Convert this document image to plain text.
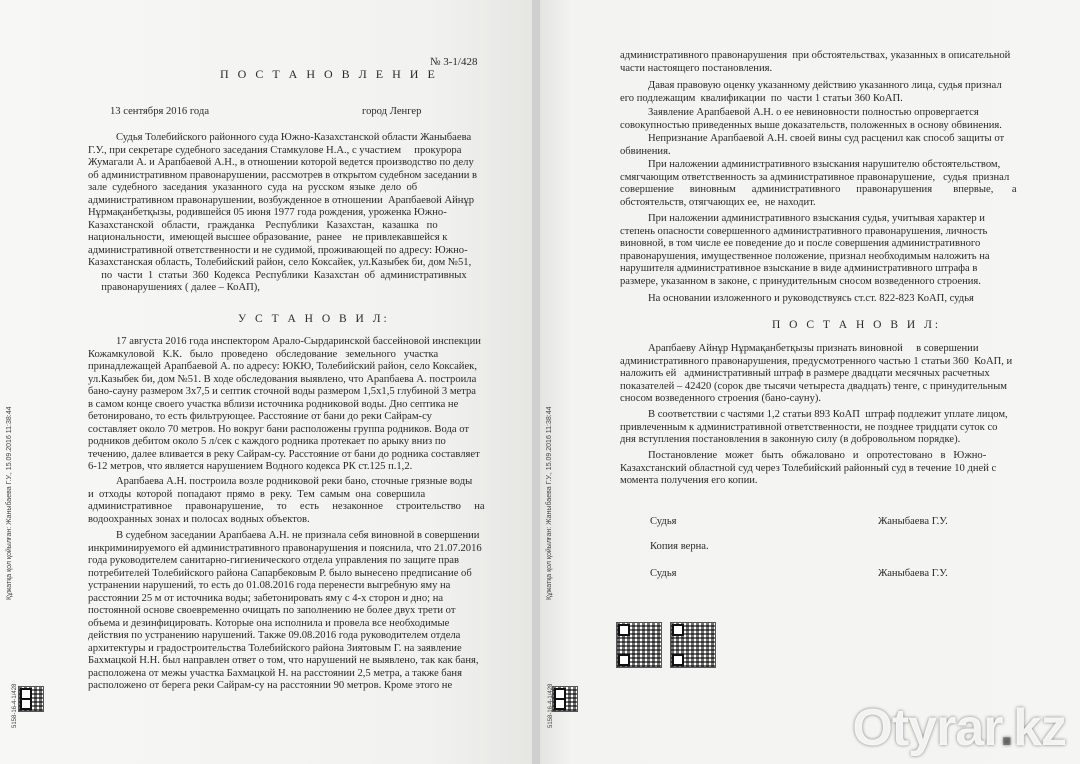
№ 3-1/428
П О С Т А Н О В Л Е Н И Е
13 сентября 2016 года	город Ленгер
Судья Толебийского районного суда Южно-Казахстанской области Жаныбаева
Г.У., при секретаре судебного заседания Стамкулове Н.А., с участием     прокурора
Жумагали А. и Арапбаевой А.Н., в отношении которой ведется производство по делу
об административном правонарушении, рассмотрев в открытом судебном заседании в
зале  судебного  заседания  указанного  суда  на  русском  языке  дело  об
административном правонарушении, возбужденное в отношении  Арапбаевой Айнұр
Нұрмақанбетқызы, родившейся 05 июня 1977 года рождения, уроженка Южно-
Казахстанской   области,   гражданка    Республики   Казахстан,   казашка   по
национальности,  имеющей высшее образование,  ранее    не привлекавшейся к
административной ответственности и не судимой, проживающей по адресу: Южно-
Казахстанская область, Толебийский район, село Коксайек, ул.Казыбек би, дом №51,
по  части  1  статьи  360  Кодекса  Республики  Казахстан  об  административных
правонарушениях ( далее – КоАП),
У С Т А Н О В И Л:
17 августа 2016 года инспектором Арало-Сырдаринской бассейновой инспекции
Кожамкуловой   К.К.   было   проведено   обследование   земельного   участка
принадлежащей Арапбаевой А. по адресу: ЮКЮ, Толебийский район, село Коксайек,
ул.Казыбек би, дом №51. В ходе обследования выявлено, что Арапбаева А. построила
бано-сауну размером 3х7,5 и септик сточной воды размером 1,5х1,5 глубиной 3 метра
в самом конце своего участка вблизи источника родниковой воды. Дно септика не
бетонировано, то есть фильтрующее. Расстояние от бани до реки Сайрам-су
составляет около 70 метров. Но вокруг бани расположены группа родников. Вода от
родников дебитом около 5 л/сек с каждого родника протекает по арыку вниз по
течению, далее вливается в реку Сайрам-су. Расстояние от бани до родника составляет
6-12 метров, что является нарушением Водного кодекса РК ст.125 п.1,2.
Арапбаева А.Н. построила возле родниковой реки бано, сточные грязные воды
и  отходы  которой  попадают  прямо  в  реку.  Тем  самым  она  совершила
административное     правонарушение,     то     есть     незаконное     строительство     на
водоохранных зонах и полосах водных объектов.
В судебном заседании Арапбаева А.Н. не признала себя виновной в совершении
инкриминируемого ей административного правонарушения и пояснила, что 21.07.2016
года руководителем санитарно-гигиенического отдела управления по защите прав
потребителей Толебийского района Сапарбековым Р. было вынесено предписание об
устранении нарушений, то есть до 01.08.2016 года перенести выгребную яму на
расстоянии 25 м от источника воды; забетонировать яму с 4-х сторон и дно; на
постоянной основе своевременно очищать по заполнению не более двух трети от
объема и дезинфицировать. Которые она исполнила и провела все необходимые
действия по устранению нарушений. Также 09.08.2016 года руководителем отдела
архитектуры и градостроительства Толебийского района Зиятовым Г. на заявление
Бахмацкой Н.Н. был направлен ответ о том, что нарушений не выявлено, так как баня,
расположена от межы участка Бахмацкой Н. на расстоянии 2,5 метра, а также баня
расположено от берега реки Сайрам-су на расстоянии 90 метров. Кроме этого не
Құжатқа қол қойылған: Жаныбаева Г.У., 15.09.2016 11:38:44
5158-16-4-1/428
административного правонарушения  при обстоятельствах, указанных в описательной
части настоящего постановления.
Давая правовую оценку указанному действию указанного лица, судья признал
его подлежащим  квалификации  по  части 1 статьи 360 КоАП.
Заявление Арапбаевой А.Н. о ее невиновности полностью опровергается
совокупностью приведенных выше доказательств, положенных в основу обвинения.
Непризнание Арапбаевой А.Н. своей вины суд расценил как способ защиты от
обвинения.
При наложении административного взыскания нарушителю обстоятельством,
смягчающим ответственность за административное правонарушение,   судья  признал
совершение      виновным      административного      правонарушения        впервые,       а
обстоятельств, отягчающих ее,  не находит.
При наложении административного взыскания судья, учитывая характер и
степень опасности совершенного административного правонарушения, личность
виновной, в том числе ее поведение до и после совершения административного
правонарушения, имущественное положение, признал необходимым наложить на
нарушителя административное взыскание в виде административного штрафа в
размере, указанном в законе, с принудительным сносом возведенного строения.
На основании изложенного и руководствуясь ст.ст. 822-823 КоАП, судья
П О С Т А Н О В И Л:
Арапбаеву Айнұр Нұрмақанбетқызы признать виновной     в совершении
административного правонарушения, предусмотренного частью 1 статьи 360  КоАП, и
наложить ей   административный штраф в размере двадцати месячных расчетных
показателей – 42420 (сорок две тысячи четыреста двадцать) тенге, с принудительным
сносом возведенного строения (бано-сауну).
В соответствии с частями 1,2 статьи 893 КоАП  штраф подлежит уплате лицом,
привлеченным к административной ответственности, не позднее тридцати суток со
дня вступления постановления в законную силу (в добровольном порядке).
Постановление   может   быть   обжаловано   и   опротестовано   в   Южно-
Казахстанский областной суд через Толебийский районный суд в течение 10 дней с
момента получения его копии.
Судья	Жаныбаева Г.У.
Копия верна.
Судья	Жаныбаева Г.У.
Құжатқа қол қойылған: Жаныбаева Г.У., 15.09.2016 11:38:44
5158-16-4-1/428	Otyrar.kz
